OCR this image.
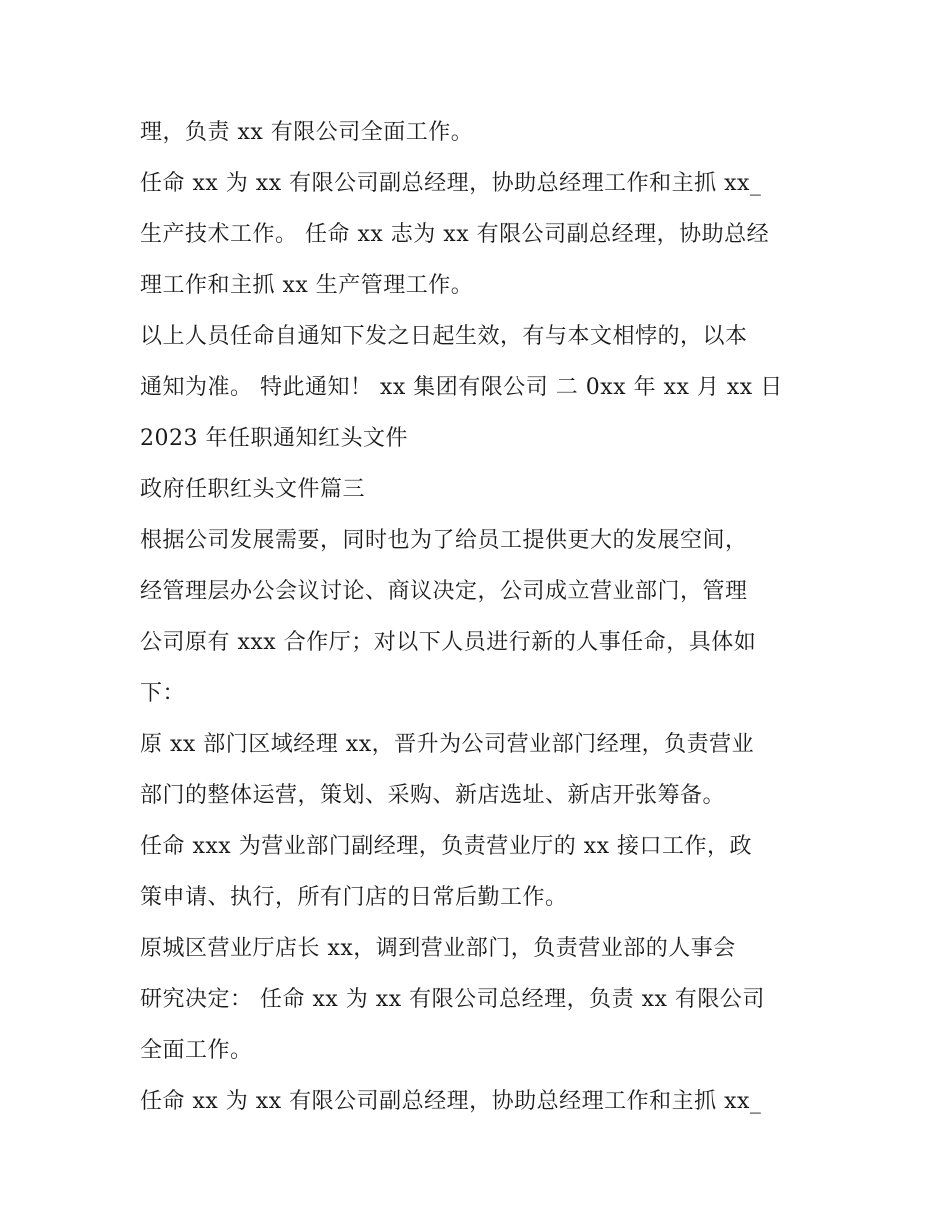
理，负责 xx 有限公司全面工作。
任命 xx 为 xx 有限公司副总经理，协助总经理工作和主抓 xx_
生产技术工作。 任命 xx 志为 xx 有限公司副总经理，协助总经
理工作和主抓 xx 生产管理工作。
以上人员任命自通知下发之日起生效，有与本文相悖的，以本
通知为准。 特此通知！ xx 集团有限公司 二 0xx 年 xx 月 xx 日
2023 年任职通知红头文件
政府任职红头文件篇三
根据公司发展需要，同时也为了给员工提供更大的发展空间，
经管理层办公会议讨论、商议决定，公司成立营业部门，管理
公司原有 xxx 合作厅；对以下人员进行新的人事任命，具体如
下：
原 xx 部门区域经理 xx，晋升为公司营业部门经理，负责营业
部门的整体运营，策划、采购、新店选址、新店开张筹备。
任命 xxx 为营业部门副经理，负责营业厅的 xx 接口工作，政
策申请、执行，所有门店的日常后勤工作。
原城区营业厅店长 xx，调到营业部门，负责营业部的人事会
研究决定： 任命 xx 为 xx 有限公司总经理，负责 xx 有限公司
全面工作。
任命 xx 为 xx 有限公司副总经理，协助总经理工作和主抓 xx_
